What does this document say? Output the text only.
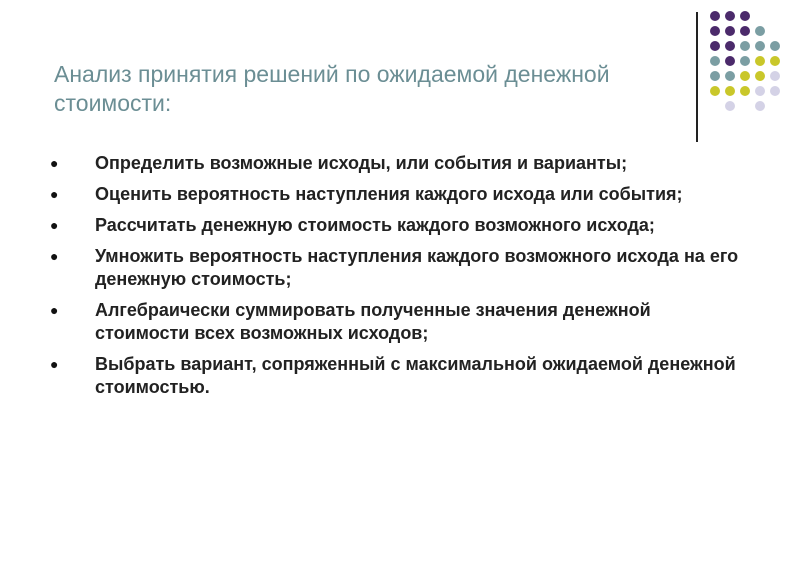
Анализ принятия решений по ожидаемой денежной стоимости:
● Определить возможные исходы, или события и варианты;
● Оценить вероятность наступления каждого исхода или события;
● Рассчитать денежную стоимость каждого возможного исхода;
● Умножить вероятность наступления каждого возможного исхода на его денежную стоимость;
● Алгебраически суммировать полученные значения денежной стоимости всех возможных исходов;
● Выбрать вариант, сопряженный с максимальной ожидаемой денежной стоимостью.
